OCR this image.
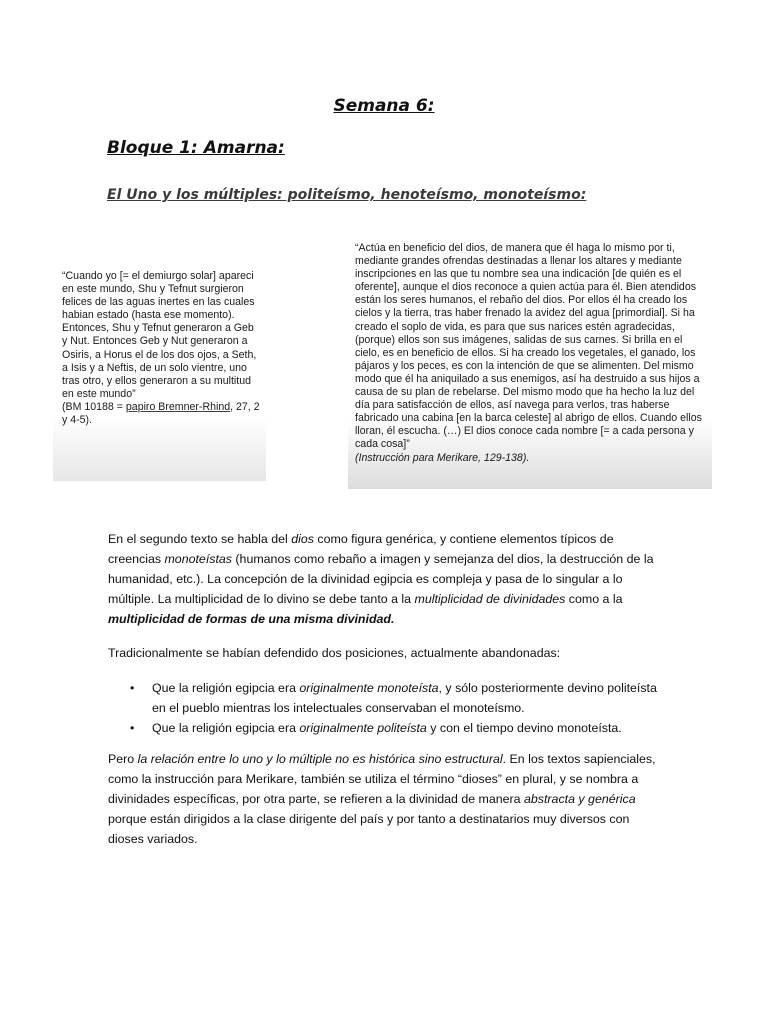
Semana 6:
Bloque 1: Amarna:
El Uno y los múltiples: politeísmo, henoteísmo, monoteísmo:

“Cuando yo [= el demiurgo solar] apareci en este mundo, Shu y Tefnut surgieron felices de las aguas inertes en las cuales habian estado (hasta ese momento). Entonces, Shu y Tefnut generaron a Geb y Nut. Entonces Geb y Nut generaron a Osiris, a Horus el de los dos ojos, a Seth, a Isis y a Neftis, de un solo vientre, uno tras otro, y ellos generaron a su multitud en este mundo”

(BM 10188 = papiro Bremner-Rhind, 27, 2 y 4-5).

“Actúa en beneficio del dios, de manera que él haga lo mismo por ti, mediante grandes ofrendas destinadas a llenar los altares y mediante inscripciones en las que tu nombre sea una indicación [de quién es el oferente], aunque el dios reconoce a quien actúa para él. Bien atendidos están los seres humanos, el rebaño del dios. Por ellos él ha creado los cielos y la tierra, tras haber frenado la avidez del agua [primordial]. Si ha creado el soplo de vida, es para que sus narices estén agradecidas, (porque) ellos son sus imágenes, salidas de sus carnes. Si brilla en el cielo, es en beneficio de ellos. Si ha creado los vegetales, el ganado, los pájaros y los peces, es con la intención de que se alimenten. Del mismo modo que él ha aniquilado a sus enemigos, así ha destruido a sus hijos a causa de su plan de rebelarse. Del mismo modo que ha hecho la luz del día para satisfacción de ellos, así navega para verlos, tras haberse fabricado una cabina [en la barca celeste] al abrigo de ellos. Cuando ellos lloran, él escucha. (…) El dios conoce cada nombre [= a cada persona y cada cosa]”

(Instrucción para Merikare, 129-138).

En el segundo texto se habla del dios como figura genérica, y contiene elementos típicos de creencias monoteístas (humanos como rebaño a imagen y semejanza del dios, la destrucción de la humanidad, etc.). La concepción de la divinidad egipcia es compleja y pasa de lo singular a lo múltiple. La multiplicidad de lo divino se debe tanto a la multiplicidad de divinidades como a la multiplicidad de formas de una misma divinidad.

Tradicionalmente se habían defendido dos posiciones, actualmente abandonadas:

• Que la religión egipcia era originalmente monoteísta, y sólo posteriormente devino politeísta en el pueblo mientras los intelectuales conservaban el monoteísmo.
• Que la religión egipcia era originalmente politeísta y con el tiempo devino monoteísta.

Pero la relación entre lo uno y lo múltiple no es histórica sino estructural. En los textos sapienciales, como la instrucción para Merikare, también se utiliza el término “dioses” en plural, y se nombra a divinidades específicas, por otra parte, se refieren a la divinidad de manera abstracta y genérica porque están dirigidos a la clase dirigente del país y por tanto a destinatarios muy diversos con dioses variados.
